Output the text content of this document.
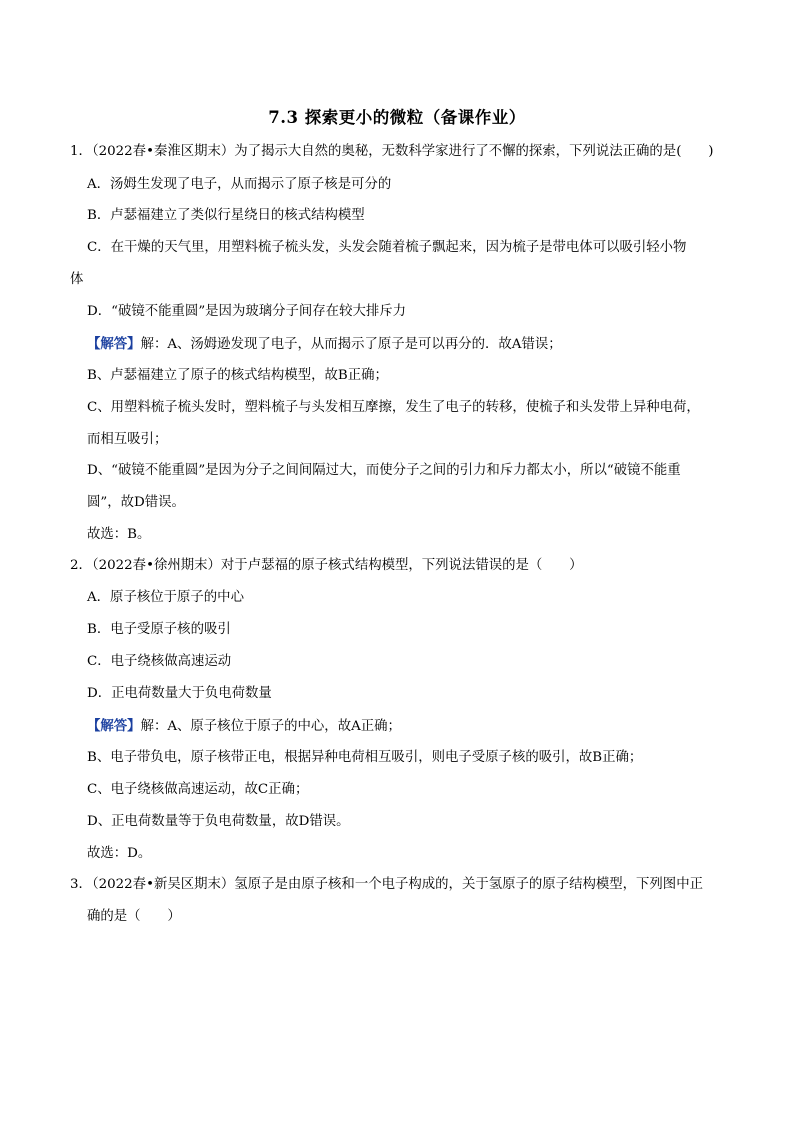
7.3 探索更小的微粒（备课作业）
1．（2022春•秦淮区期末）为了揭示大自然的奥秘，无数科学家进行了不懈的探索，下列说法正确的是(　　)
A．汤姆生发现了电子，从而揭示了原子核是可分的
B．卢瑟福建立了类似行星绕日的核式结构模型
C．在干燥的天气里，用塑料梳子梳头发，头发会随着梳子飘起来，因为梳子是带电体可以吸引轻小物
体
D．“破镜不能重圆”是因为玻璃分子间存在较大排斥力
【解答】解：A、汤姆逊发现了电子，从而揭示了原子是可以再分的．故A错误；
B、卢瑟福建立了原子的核式结构模型，故B正确；
C、用塑料梳子梳头发时，塑料梳子与头发相互摩擦，发生了电子的转移，使梳子和头发带上异种电荷，
而相互吸引；
D、“破镜不能重圆”是因为分子之间间隔过大，而使分子之间的引力和斥力都太小，所以“破镜不能重
圆”，故D错误。
故选：B。
2．（2022春•徐州期末）对于卢瑟福的原子核式结构模型，下列说法错误的是（　　）
A．原子核位于原子的中心
B．电子受原子核的吸引
C．电子绕核做高速运动
D．正电荷数量大于负电荷数量
【解答】解：A、原子核位于原子的中心，故A正确；
B、电子带负电，原子核带正电，根据异种电荷相互吸引，则电子受原子核的吸引，故B正确；
C、电子绕核做高速运动，故C正确；
D、正电荷数量等于负电荷数量，故D错误。
故选：D。
3．（2022春•新吴区期末）氢原子是由原子核和一个电子构成的，关于氢原子的原子结构模型，下列图中正
确的是（　　）
